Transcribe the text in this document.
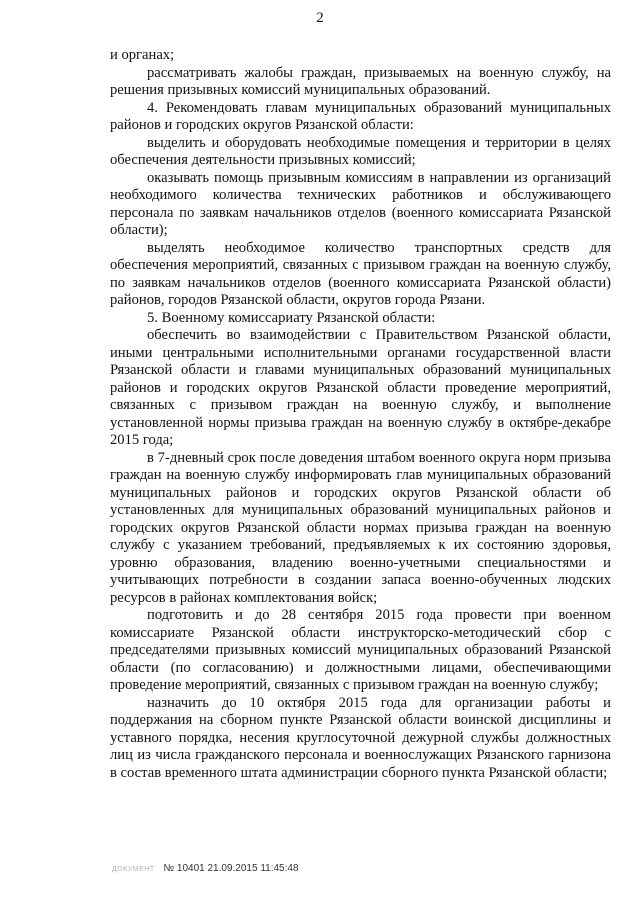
2

и органах;

рассматривать жалобы граждан, призываемых на военную службу, на решения призывных комиссий муниципальных образований.

4. Рекомендовать главам муниципальных образований муниципальных районов и городских округов Рязанской области:

выделить и оборудовать необходимые помещения и территории в целях обеспечения деятельности призывных комиссий;

оказывать помощь призывным комиссиям в направлении из организаций необходимого количества технических работников и обслуживающего персонала по заявкам начальников отделов (военного комиссариата Рязанской области);

выделять необходимое количество транспортных средств для обеспечения мероприятий, связанных с призывом граждан на военную службу, по заявкам начальников отделов (военного комиссариата Рязанской области) районов, городов Рязанской области, округов города Рязани.

5. Военному комиссариату Рязанской области:

обеспечить во взаимодействии с Правительством Рязанской области, иными центральными исполнительными органами государственной власти Рязанской области и главами муниципальных образований муниципальных районов и городских округов Рязанской области проведение мероприятий, связанных с призывом граждан на военную службу, и выполнение установленной нормы призыва граждан на военную службу в октябре-декабре 2015 года;

в 7-дневный срок после доведения штабом военного округа норм призыва граждан на военную службу информировать глав муниципальных образований муниципальных районов и городских округов Рязанской области об установленных для муниципальных образований муниципальных районов и городских округов Рязанской области нормах призыва граждан на военную службу с указанием требований, предъявляемых к их состоянию здоровья, уровню образования, владению военно-учетными специальностями и учитывающих потребности в создании запаса военно-обученных людских ресурсов в районах комплектования войск;

подготовить и до 28 сентября 2015 года провести при военном комиссариате Рязанской области инструкторско-методический сбор с председателями призывных комиссий муниципальных образований Рязанской области (по согласованию) и должностными лицами, обеспечивающими проведение мероприятий, связанных с призывом граждан на военную службу;

назначить до 10 октября 2015 года для организации работы и поддержания на сборном пункте Рязанской области воинской дисциплины и уставного порядка, несения круглосуточной дежурной службы должностных лиц из числа гражданского персонала и военнослужащих Рязанского гарнизона в состав временного штата администрации сборного пункта Рязанской области;

ДОКУМЕНТ № 10401 21.09.2015 11:45:48
